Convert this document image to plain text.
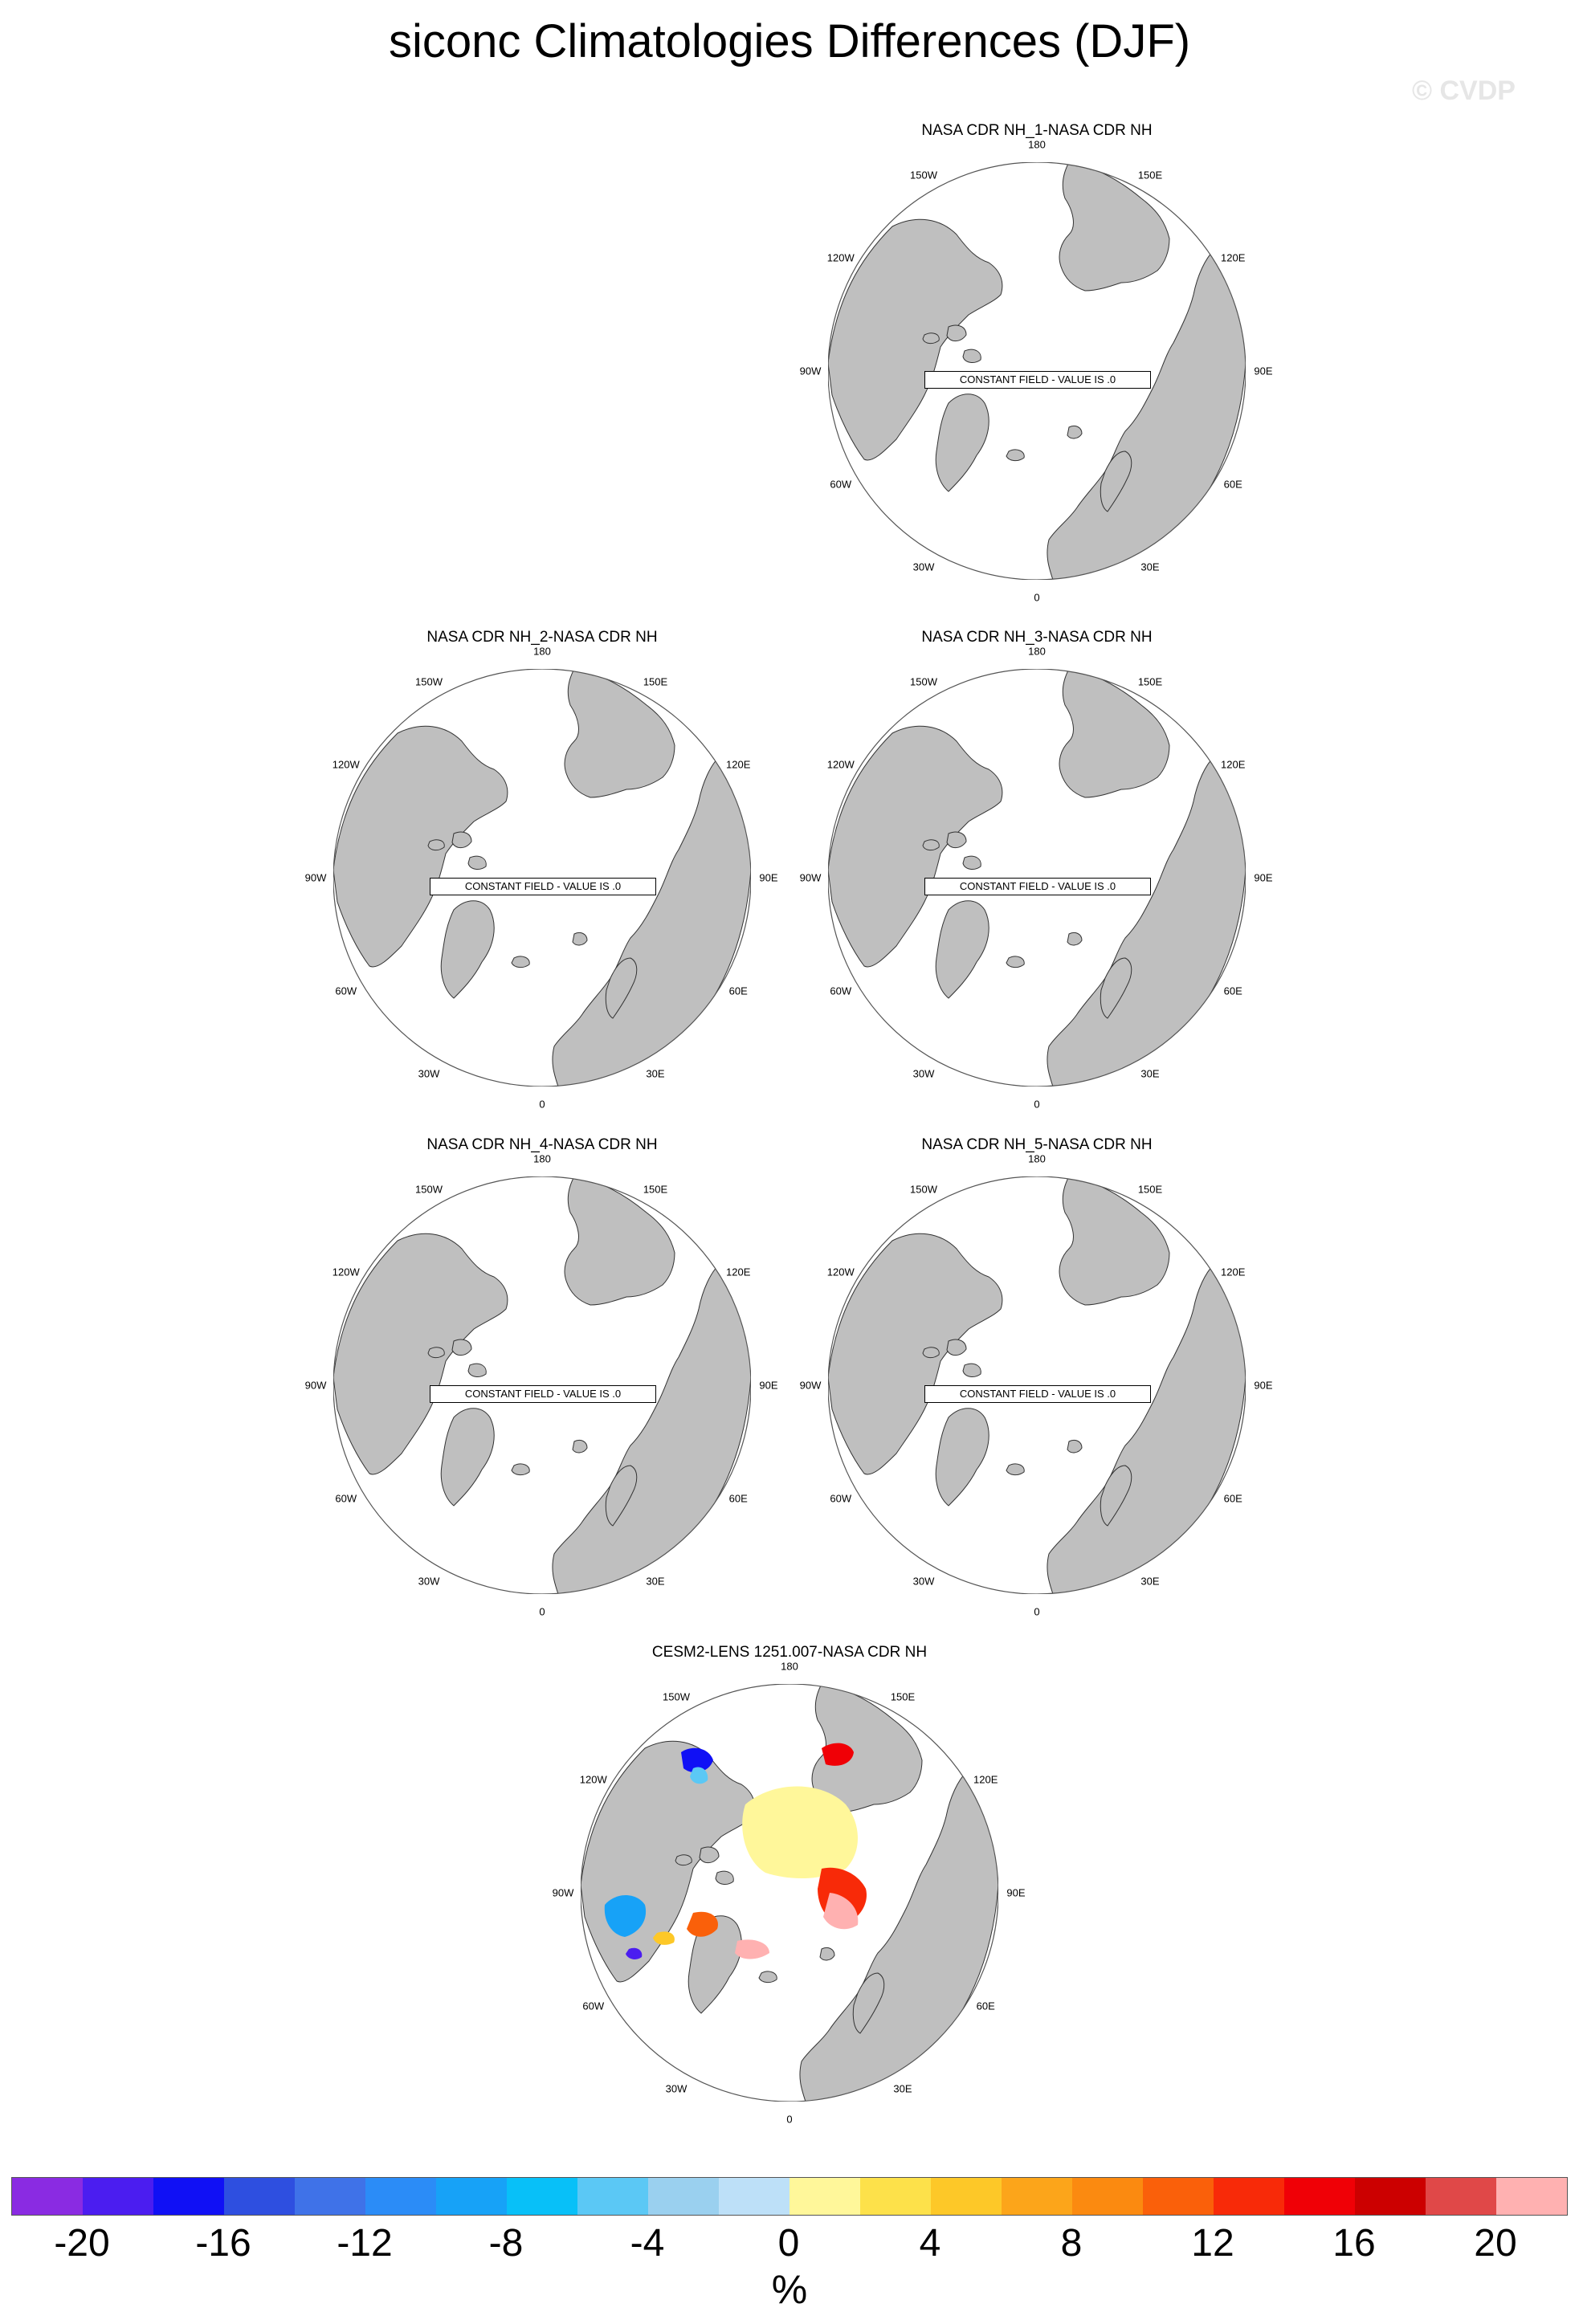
siconc Climatologies Differences (DJF)
© CVDP
NASA CDR NH_1-NASA CDR NH
CONSTANT FIELD - VALUE IS .0
180
150E
120E
90E
60E
30E
0
30W
60W
90W
120W
150W
NASA CDR NH_2-NASA CDR NH
CONSTANT FIELD - VALUE IS .0
180
150E
120E
90E
60E
30E
0
30W
60W
90W
120W
150W
NASA CDR NH_3-NASA CDR NH
CONSTANT FIELD - VALUE IS .0
180
150E
120E
90E
60E
30E
0
30W
60W
90W
120W
150W
NASA CDR NH_4-NASA CDR NH
CONSTANT FIELD - VALUE IS .0
180
150E
120E
90E
60E
30E
0
30W
60W
90W
120W
150W
NASA CDR NH_5-NASA CDR NH
CONSTANT FIELD - VALUE IS .0
180
150E
120E
90E
60E
30E
0
30W
60W
90W
120W
150W
CESM2-LENS 1251.007-NASA CDR NH
180
150E
120E
90E
60E
30E
0
30W
60W
90W
120W
150W
-20 -16 -12 -8	-4	0	4	8	12	16	20
%
